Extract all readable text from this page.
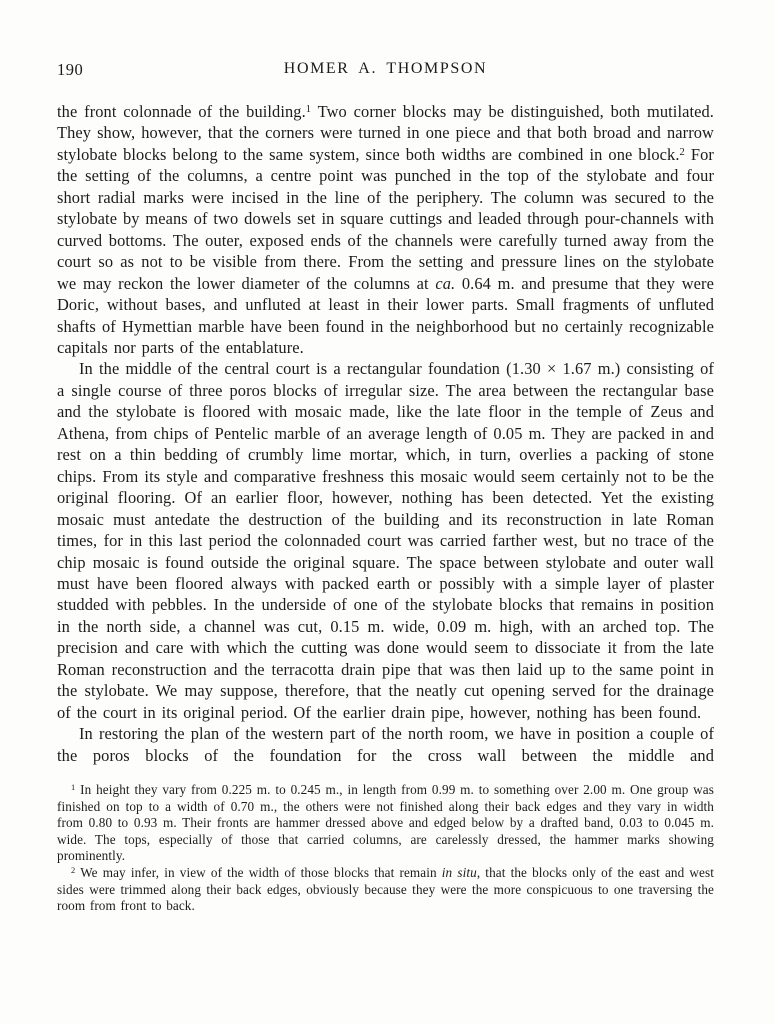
190	HOMER A. THOMPSON

the front colonnade of the building.$^1$ Two corner blocks may be distinguished, both mutilated. They show, however, that the corners were turned in one piece and that both broad and narrow stylobate blocks belong to the same system, since both widths are combined in one block.$^2$ For the setting of the columns, a centre point was punched in the top of the stylobate and four short radial marks were incised in the line of the periphery. The column was secured to the stylobate by means of two dowels set in square cuttings and leaded through pour-channels with curved bottoms. The outer, exposed ends of the channels were carefully turned away from the court so as not to be visible from there. From the setting and pressure lines on the stylobate we may reckon the lower diameter of the columns at ca. 0.64 m. and presume that they were Doric, without bases, and unfluted at least in their lower parts. Small fragments of unfluted shafts of Hymettian marble have been found in the neighborhood but no certainly recognizable capitals nor parts of the entablature.

In the middle of the central court is a rectangular foundation (1.30 × 1.67 m.) consisting of a single course of three poros blocks of irregular size. The area between the rectangular base and the stylobate is floored with mosaic made, like the late floor in the temple of Zeus and Athena, from chips of Pentelic marble of an average length of 0.05 m. They are packed in and rest on a thin bedding of crumbly lime mortar, which, in turn, overlies a packing of stone chips. From its style and comparative freshness this mosaic would seem certainly not to be the original flooring. Of an earlier floor, however, nothing has been detected. Yet the existing mosaic must antedate the destruction of the building and its reconstruction in late Roman times, for in this last period the colonnaded court was carried farther west, but no trace of the chip mosaic is found outside the original square. The space between stylobate and outer wall must have been floored always with packed earth or possibly with a simple layer of plaster studded with pebbles. In the underside of one of the stylobate blocks that remains in position in the north side, a channel was cut, 0.15 m. wide, 0.09 m. high, with an arched top. The precision and care with which the cutting was done would seem to dissociate it from the late Roman reconstruction and the terracotta drain pipe that was then laid up to the same point in the stylobate. We may suppose, therefore, that the neatly cut opening served for the drainage of the court in its original period. Of the earlier drain pipe, however, nothing has been found.

In restoring the plan of the western part of the north room, we have in position a couple of the poros blocks of the foundation for the cross wall between the middle and

$^1$ In height they vary from 0.225 m. to 0.245 m., in length from 0.99 m. to something over 2.00 m. One group was finished on top to a width of 0.70 m., the others were not finished along their back edges and they vary in width from 0.80 to 0.93 m. Their fronts are hammer dressed above and edged below by a drafted band, 0.03 to 0.045 m. wide. The tops, especially of those that carried columns, are carelessly dressed, the hammer marks showing prominently.

$^2$ We may infer, in view of the width of those blocks that remain in situ, that the blocks only of the east and west sides were trimmed along their back edges, obviously because they were the more conspicuous to one traversing the room from front to back.
